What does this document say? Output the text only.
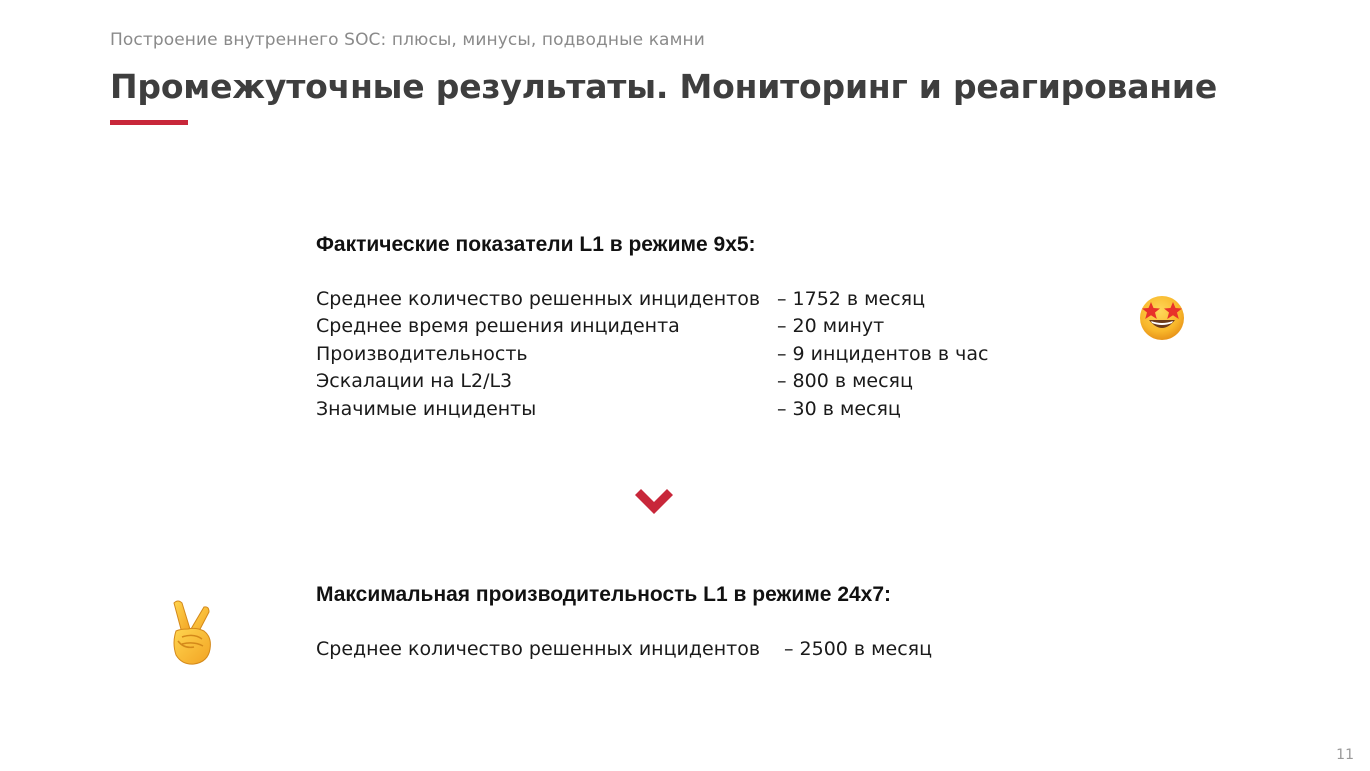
Построение внутреннего SOC: плюсы, минусы, подводные камни
Промежуточные результаты. Мониторинг и реагирование
Фактические показатели L1 в режиме 9x5:
Среднее количество решенных инцидентов – 1752 в месяц
Среднее время решения инцидента	– 20 минут
Производительность	– 9 инцидентов в час
Эскалации на L2/L3	– 800 в месяц
Значимые инциденты	– 30 в месяц
Максимальная производительность L1 в режиме 24x7:
Среднее количество решенных инцидентов – 2500 в месяц
11
